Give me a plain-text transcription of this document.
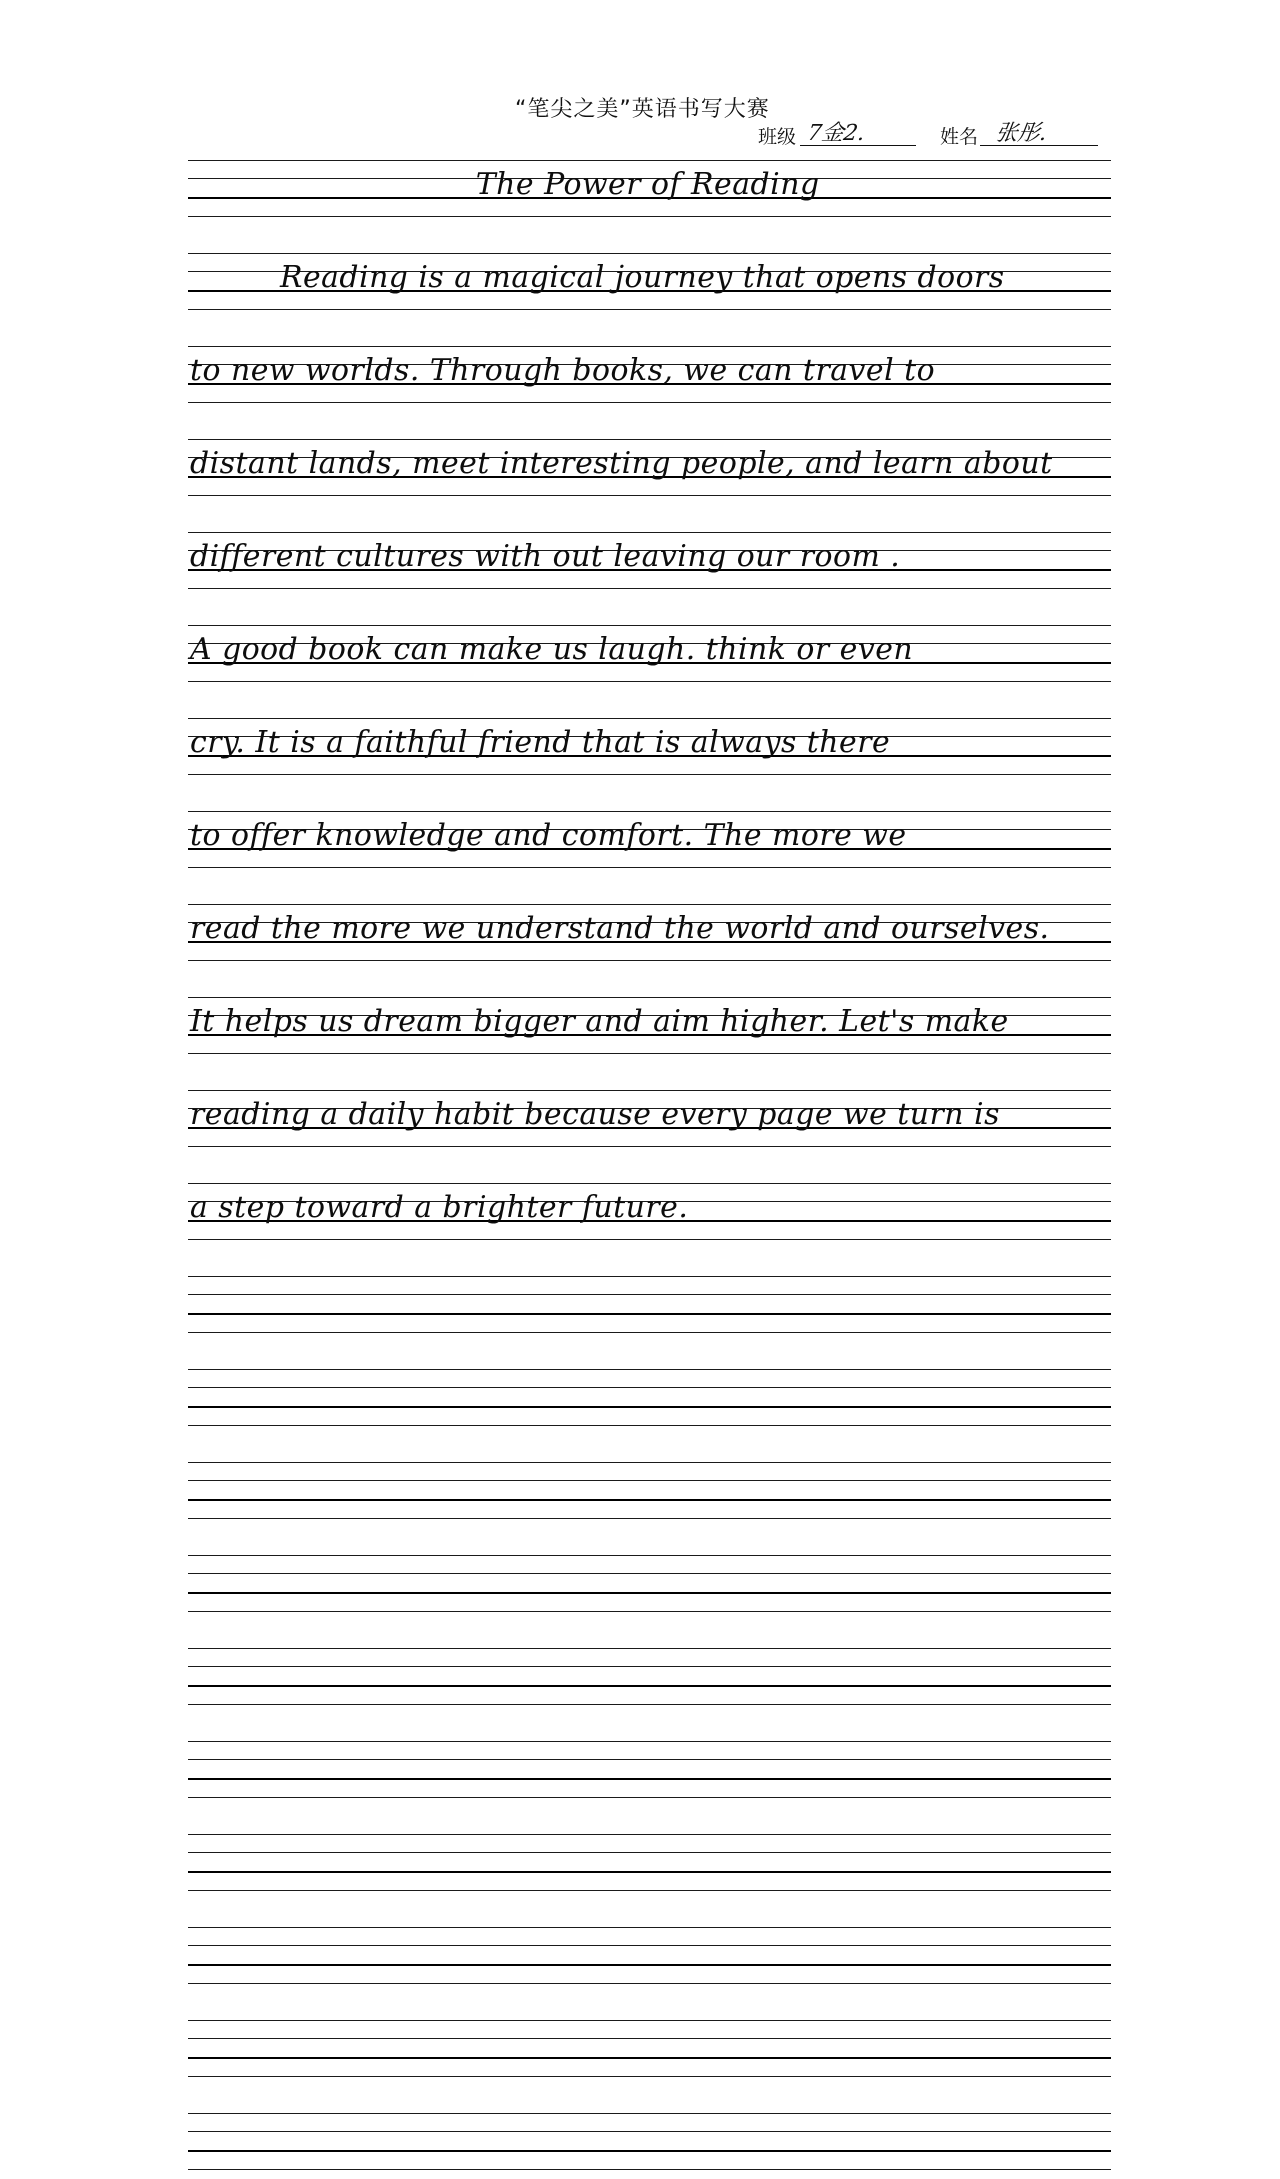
“笔尖之美”英语书写大赛
班级 7金2.	姓名 张彤.
The Power of Reading
Reading is a magical journey that opens doors
to new worlds. Through books, we can travel to
distant lands, meet interesting people, and learn about
different cultures with out leaving our room .
A good book can make us laugh. think or even
cry. It is a faithful friend that is always there
to offer knowledge and comfort. The more we
read the more we understand the world and ourselves.
It helps us dream bigger and aim higher. Let's make
reading a daily habit because every page we turn is
a step toward a brighter future.
